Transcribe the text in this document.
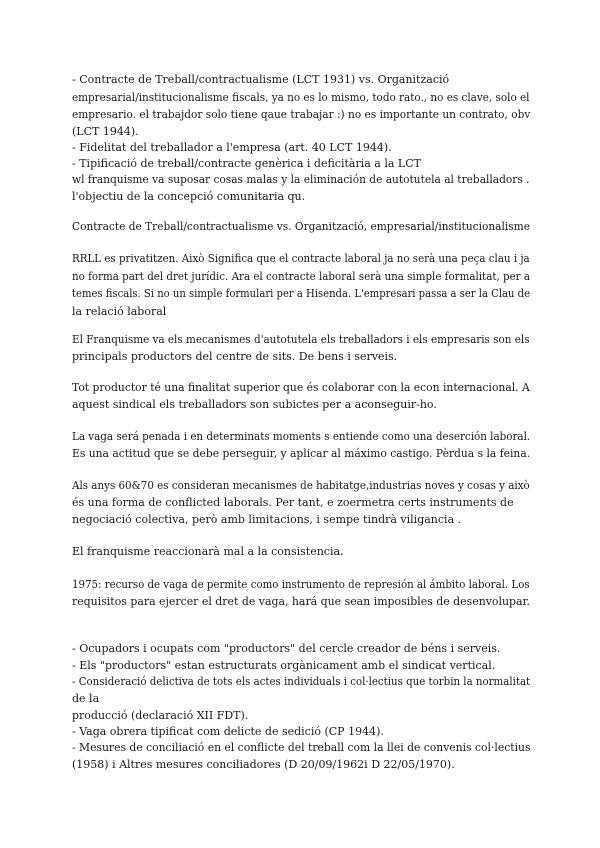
- Contracte de Treball/contractualisme (LCT 1931) vs. Organització
empresarial/institucionalisme fiscals, ya no es lo mismo, todo rato., no es clave, solo el
empresario. el trabajdor solo tiene qaue trabajar :) no es importante un contrato, obv
(LCT 1944).
- Fidelitat del treballador a l'empresa (art. 40 LCT 1944).
- Tipificació de treball/contracte genèrica i deficitària a la LCT
wl franquisme va suposar cosas malas y la eliminación de autotutela al treballadors .
l'objectiu de la concepció comunitaria qu.
Contracte de Treball/contractualisme vs. Organització, empresarial/institucionalisme
RRLL es privatitzen. Això Significa que el contracte laboral ja no serà una peça clau i ja
no forma part del dret jurídic. Ara el contracte laboral serà una simple formalitat, per a
temes fiscals. Si no un simple formulari per a Hisenda. L'empresari passa a ser la Clau de
la relació laboral
El Franquisme va els mecanismes d'autotutela els treballadors i els empresaris son els
principals productors del centre de sits. De bens i serveis.
Tot productor té una finalitat superior que és colaborar con la econ internacional. A
aquest sindical els treballadors son subictes per a aconseguir-ho.
La vaga será penada i en determinats moments s entiende como una deserción laboral.
Es una actitud que se debe perseguir, y aplicar al máximo castigo. Pèrdua s la feina.
Als anys 60&70 es consideran mecanismes de habitatge,industrias noves y cosas y això
és una forma de conflicted laborals. Per tant, e zoermetra certs instruments de
negociació colectiva, però amb limitacions, i sempe tindrà viligancia .
El franquisme reaccionarà mal a la consistencia.
1975: recurso de vaga de permite como instrumento de represión al ámbito laboral. Los
requisitos para ejercer el dret de vaga, hará que sean imposibles de desenvolupar.
- Ocupadors i ocupats com "productors" del cercle creador de béns i serveis.
- Els "productors" estan estructurats orgànicament amb el sindicat vertical.
- Consideració delictiva de tots els actes individuals i col·lectius que torbin la normalitat
de la
producció (declaració XII FDT).
- Vaga obrera tipificat com delicte de sedició (CP 1944).
- Mesures de conciliació en el conflicte del treball com la llei de convenis col·lectius
(1958) i Altres mesures conciliadores (D 20/09/1962i D 22/05/1970).
